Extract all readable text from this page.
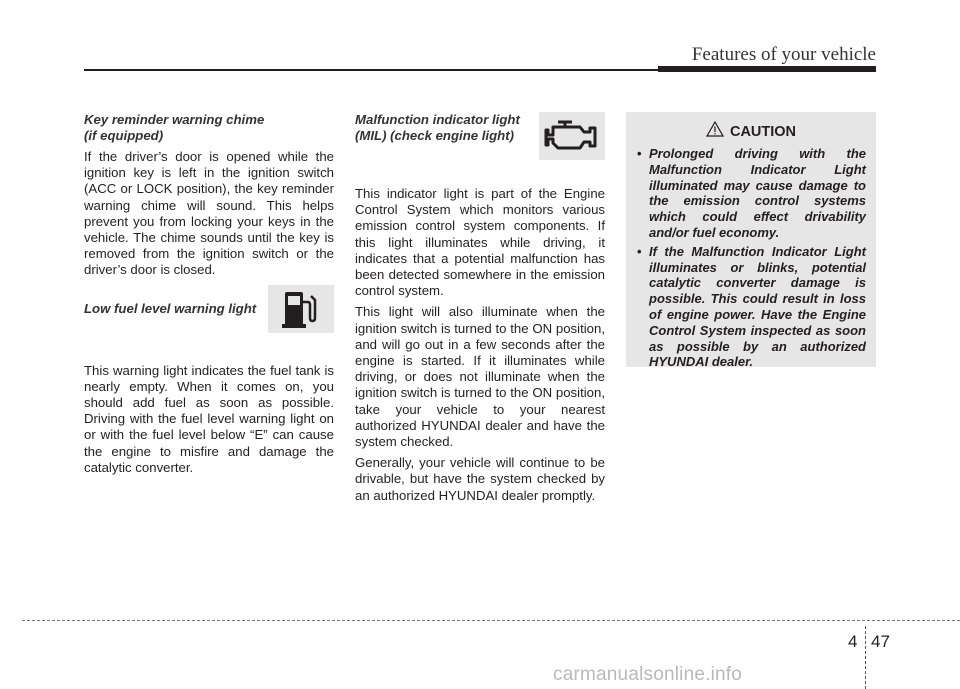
Features of your vehicle
Key reminder warning chime
(if equipped)

If the driver’s door is opened while the ignition key is left in the ignition switch (ACC or LOCK position), the key reminder warning chime will sound. This helps prevent you from locking your keys in the vehicle. The chime sounds until the key is removed from the ignition switch or the driver’s door is closed.

Low fuel level warning light

This warning light indicates the fuel tank is nearly empty. When it comes on, you should add fuel as soon as possible. Driving with the fuel level warning light on or with the fuel level below “E” can cause the engine to misfire and damage the catalytic converter.

Malfunction indicator light
(MIL) (check engine light)

This indicator light is part of the Engine Control System which monitors various emission control system components. If this light illuminates while driving, it indicates that a potential malfunction has been detected somewhere in the emission control system.

This light will also illuminate when the ignition switch is turned to the ON position, and will go out in a few seconds after the engine is started. If it illuminates while driving, or does not illuminate when the ignition switch is turned to the ON position, take your vehicle to your nearest authorized HYUNDAI dealer and have the system checked.

Generally, your vehicle will continue to be drivable, but have the system checked by an authorized HYUNDAI dealer promptly.

CAUTION
• Prolonged driving with the Malfunction Indicator Light illuminated may cause damage to the emission control systems which could effect drivability and/or fuel economy.
• If the Malfunction Indicator Light illuminates or blinks, potential catalytic converter damage is possible. This could result in loss of engine power. Have the Engine Control System inspected as soon as possible by an authorized HYUNDAI dealer.
4 47
carmanualsonline.info
